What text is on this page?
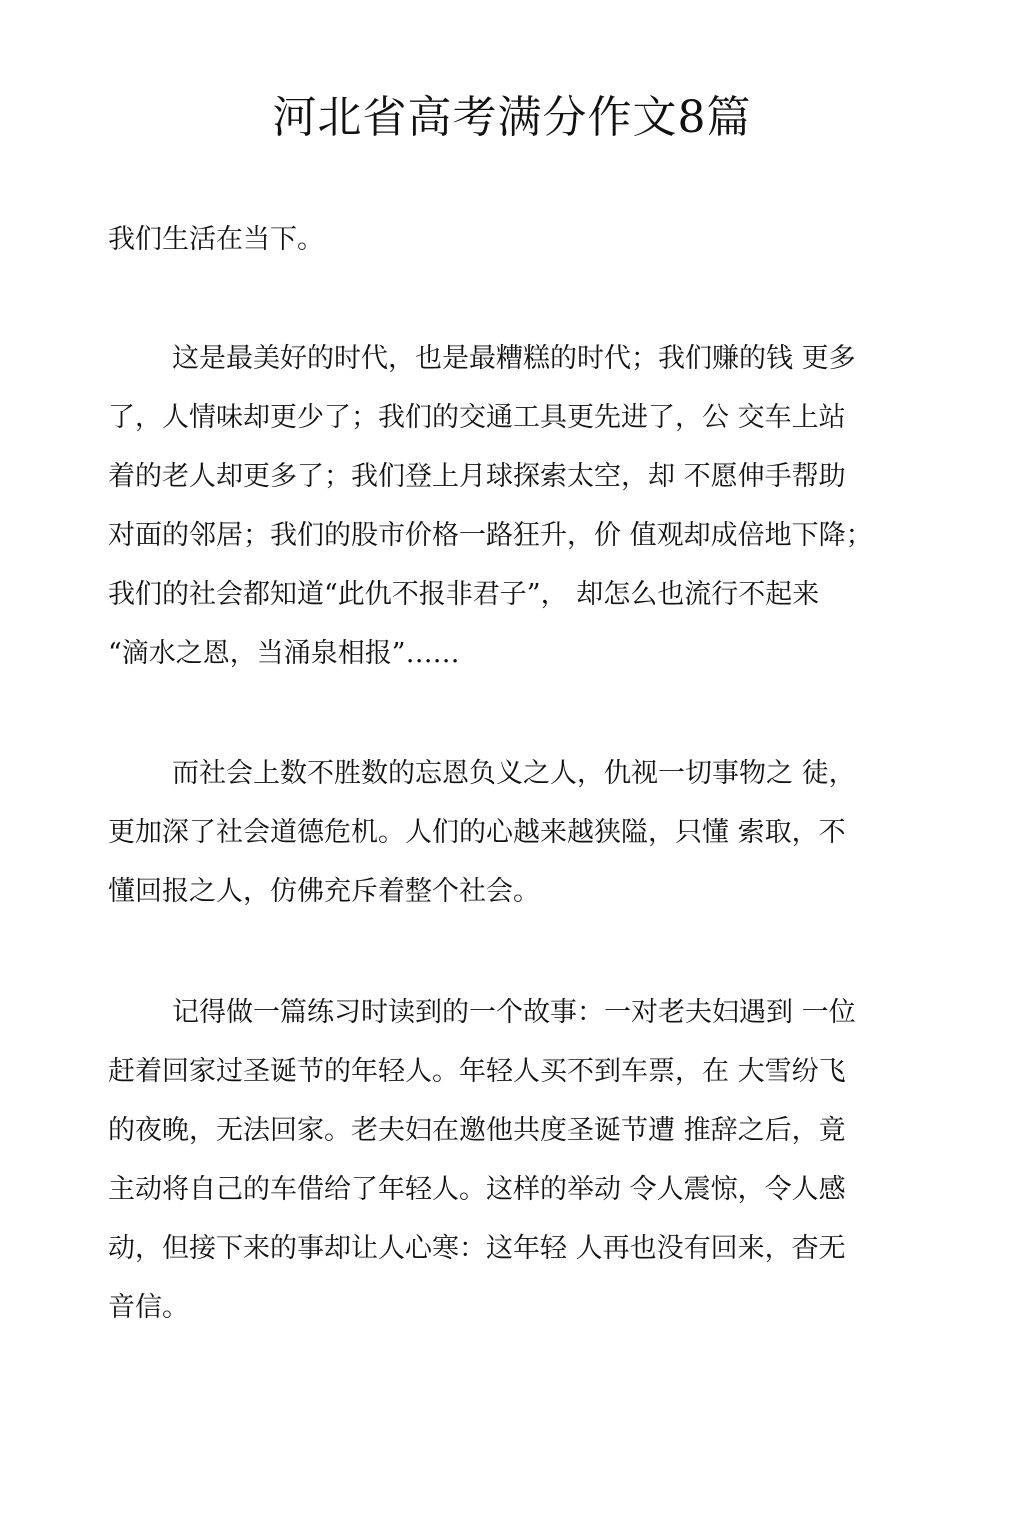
河北省高考满分作文8篇

我们生活在当下。

这是最美好的时代，也是最糟糕的时代；我们赚的钱 更多

了，人情味却更少了；我们的交通工具更先进了，公 交车上站

着的老人却更多了；我们登上月球探索太空，却 不愿伸手帮助

对面的邻居；我们的股市价格一路狂升，价 值观却成倍地下降；

我们的社会都知道“此仇不报非君子”， 却怎么也流行不起来

“滴水之恩，当涌泉相报”……

而社会上数不胜数的忘恩负义之人，仇视一切事物之 徒，

更加深了社会道德危机。人们的心越来越狭隘，只懂 索取，不

懂回报之人，仿佛充斥着整个社会。

记得做一篇练习时读到的一个故事：一对老夫妇遇到 一位

赶着回家过圣诞节的年轻人。年轻人买不到车票，在 大雪纷飞

的夜晚，无法回家。老夫妇在邀他共度圣诞节遭 推辞之后，竟

主动将自己的车借给了年轻人。这样的举动 令人震惊，令人感

动，但接下来的事却让人心寒：这年轻 人再也没有回来，杳无

音信。
